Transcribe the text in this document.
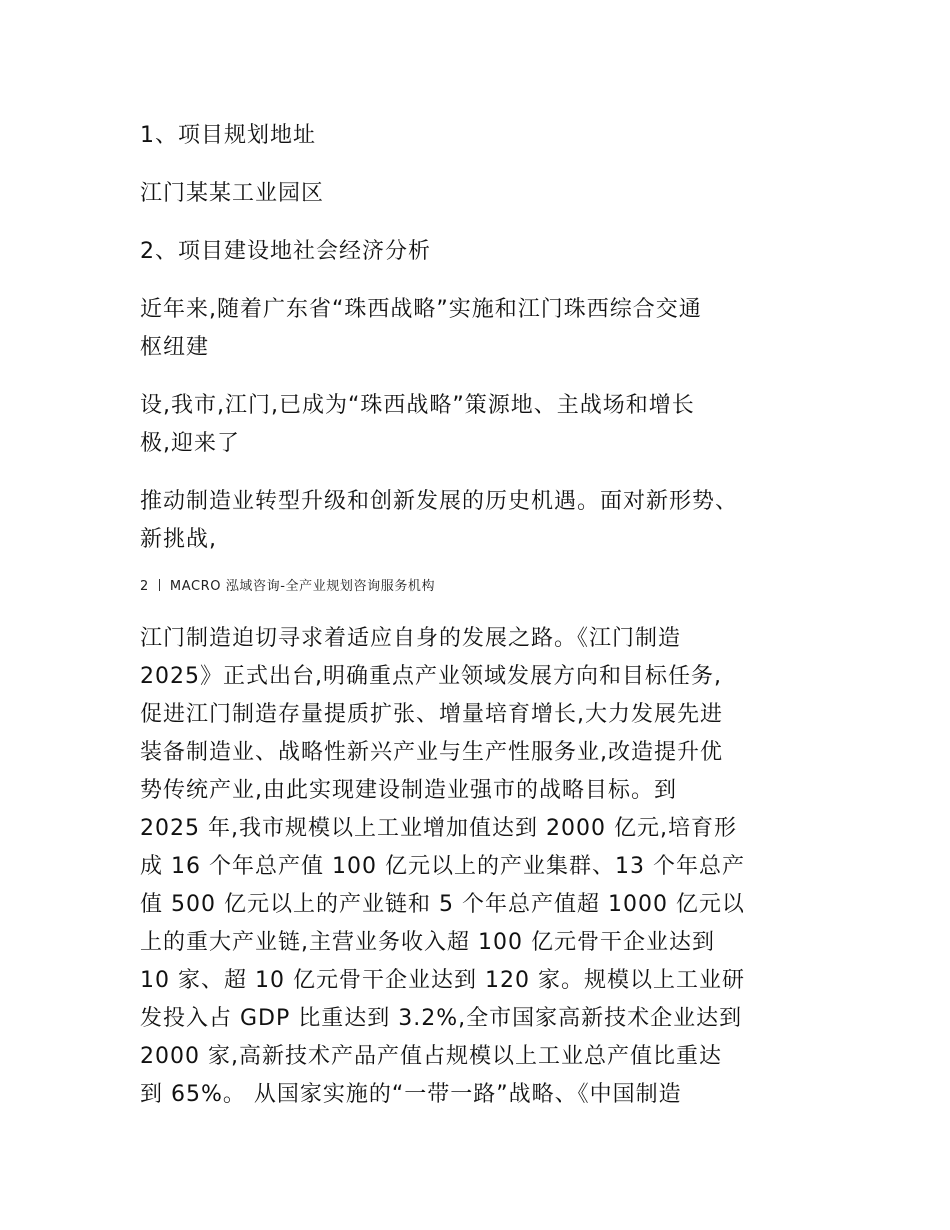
1、项目规划地址
江门某某工业园区
2、项目建设地社会经济分析
近年来,随着广东省“珠西战略”实施和江门珠西综合交通
枢纽建
设,我市,江门,已成为“珠西战略”策源地、主战场和增长
极,迎来了
推动制造业转型升级和创新发展的历史机遇。面对新形势、
新挑战,
2 MACRO 泓域咨询-全产业规划咨询服务机构
江门制造迫切寻求着适应自身的发展之路。《江门制造
2025》正式出台,明确重点产业领域发展方向和目标任务,
促进江门制造存量提质扩张、增量培育增长,大力发展先进
装备制造业、战略性新兴产业与生产性服务业,改造提升优
势传统产业,由此实现建设制造业强市的战略目标。到
2025 年,我市规模以上工业增加值达到 2000 亿元,培育形
成 16 个年总产值 100 亿元以上的产业集群、13 个年总产
值 500 亿元以上的产业链和 5 个年总产值超 1000 亿元以
上的重大产业链,主营业务收入超 100 亿元骨干企业达到
10 家、超 10 亿元骨干企业达到 120 家。规模以上工业研
发投入占 GDP 比重达到 3.2%,全市国家高新技术企业达到
2000 家,高新技术产品产值占规模以上工业总产值比重达
到 65%。 从国家实施的“一带一路”战略、《中国制造
